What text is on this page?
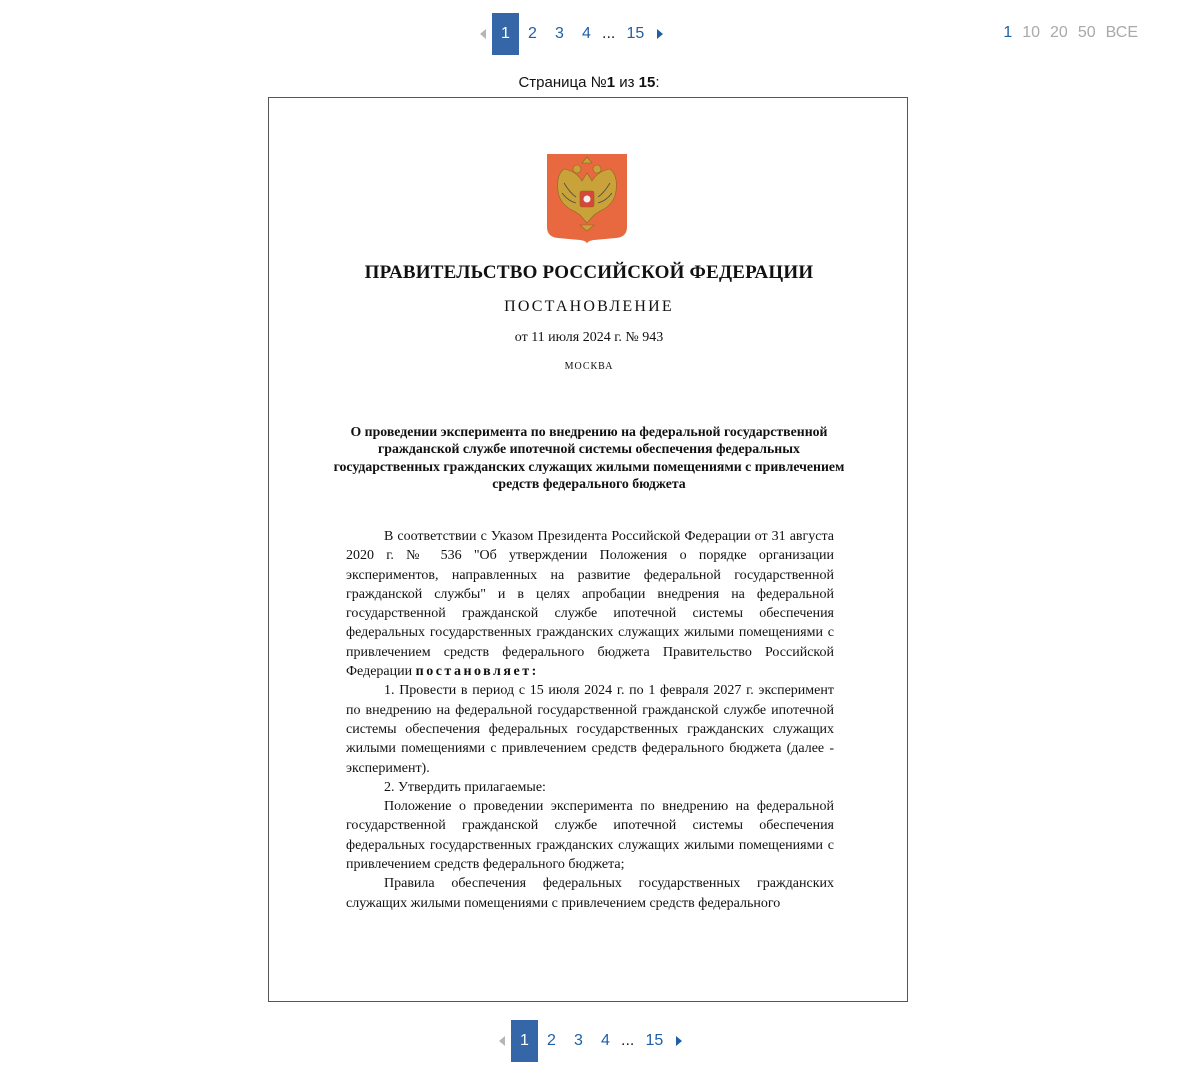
1	2	3	4 ... 15	1 10 20 50 ВСЕ
Страница №1 из 15:
ПРАВИТЕЛЬСТВО РОССИЙСКОЙ ФЕДЕРАЦИИ
ПОСТАНОВЛЕНИЕ
от 11 июля 2024 г. № 943
МОСКВА
О проведении эксперимента по внедрению на федеральной государственной гражданской службе ипотечной системы обеспечения федеральных государственных гражданских служащих жилыми помещениями с привлечением средств федерального бюджета

В соответствии с Указом Президента Российской Федерации от 31 августа 2020 г. № 536 "Об утверждении Положения о порядке организации экспериментов, направленных на развитие федеральной государственной гражданской службы" и в целях апробации внедрения на федеральной государственной гражданской службе ипотечной системы обеспечения федеральных государственных гражданских служащих жилыми помещениями с привлечением средств федерального бюджета Правительство Российской Федерации постановляет:

1. Провести в период с 15 июля 2024 г. по 1 февраля 2027 г. эксперимент по внедрению на федеральной государственной гражданской службе ипотечной системы обеспечения федеральных государственных гражданских служащих жилыми помещениями с привлечением средств федерального бюджета (далее - эксперимент).

2. Утвердить прилагаемые:

Положение о проведении эксперимента по внедрению на федеральной государственной гражданской службе ипотечной системы обеспечения федеральных государственных гражданских служащих жилыми помещениями с привлечением средств федерального бюджета;

Правила обеспечения федеральных государственных гражданских служащих жилыми помещениями с привлечением средств федерального

1	2	3	4 ... 15
